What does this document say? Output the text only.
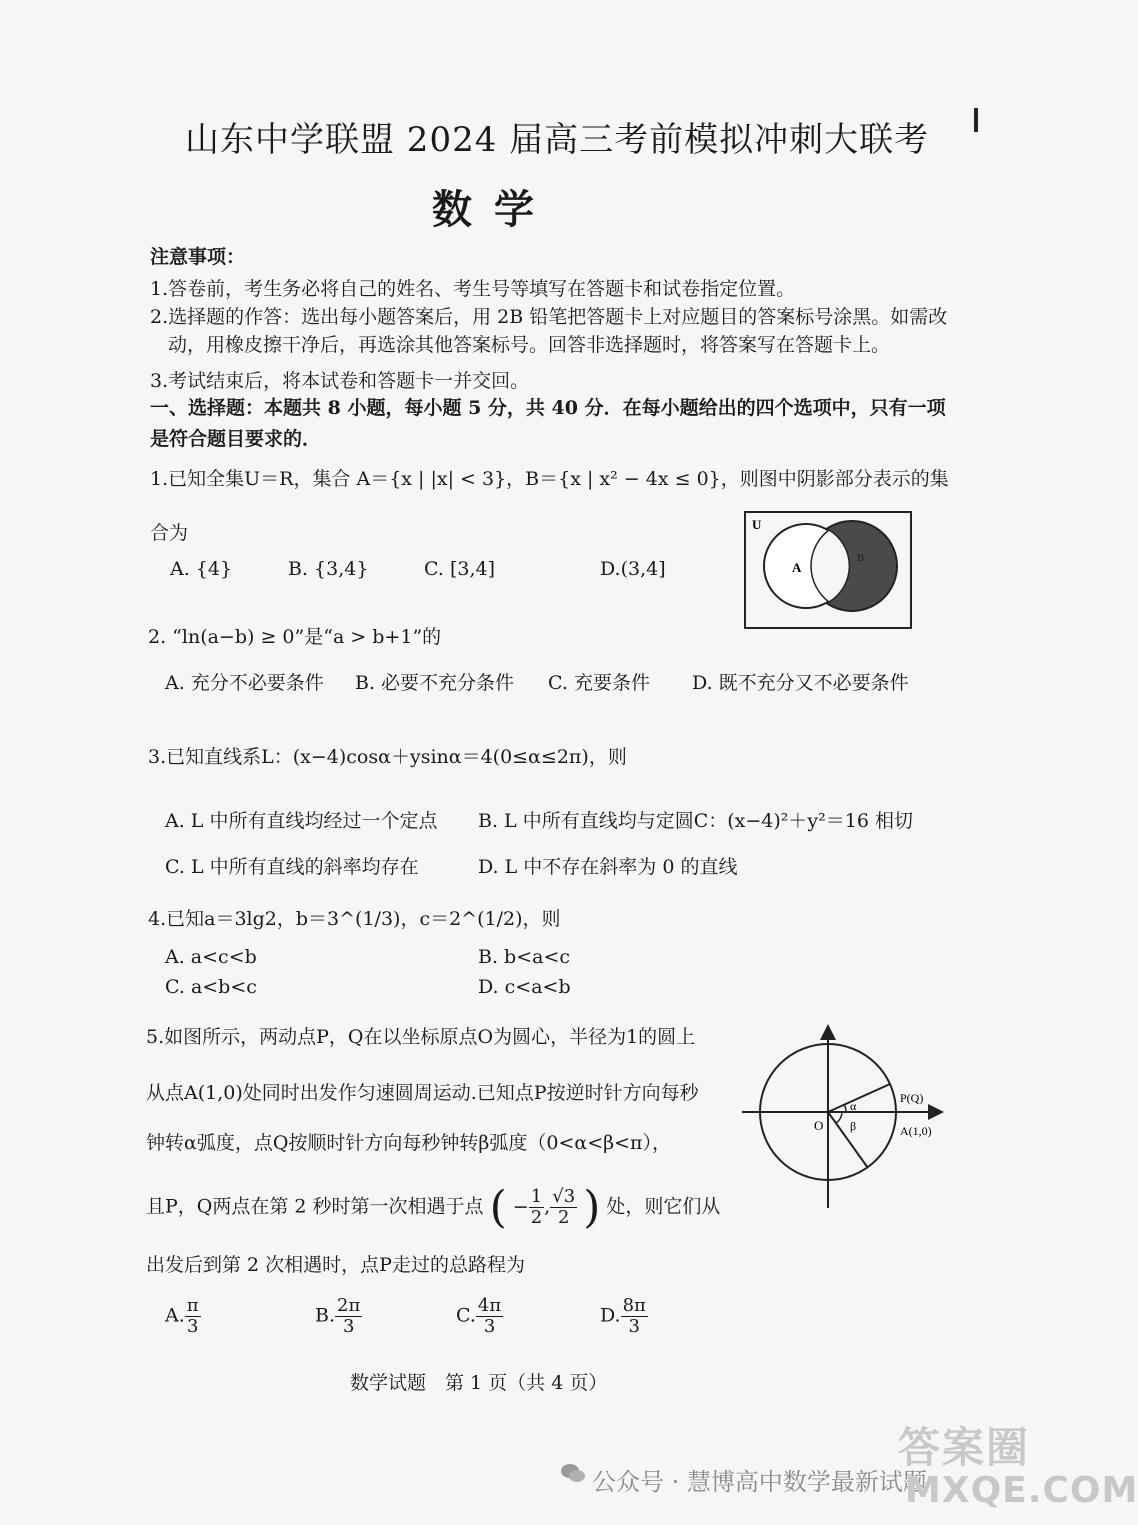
山东中学联盟 2024 届高三考前模拟冲刺大联考
数学
注意事项：
1.答卷前，考生务必将自己的姓名、考生号等填写在答题卡和试卷指定位置。
2.选择题的作答：选出每小题答案后，用 2B 铅笔把答题卡上对应题目的答案标号涂黑。如需改
动，用橡皮擦干净后，再选涂其他答案标号。回答非选择题时，将答案写在答题卡上。
3.考试结束后，将本试卷和答题卡一并交回。
一、选择题：本题共 8 小题，每小题 5 分，共 40 分．在每小题给出的四个选项中，只有一项
是符合题目要求的．
1.已知全集U＝R，集合 A＝{x | |x| < 3}，B＝{x | x² − 4x ≤ 0}，则图中阴影部分表示的集
合为
A. {4}	B. {3,4}	C. [3,4]	D.(3,4]
U
A
B
2. “ln(a−b) ≥ 0”是“a > b+1”的
A. 充分不必要条件 B. 必要不充分条件 C. 充要条件 D. 既不充分又不必要条件
3.已知直线系L：(x−4)cosα＋ysinα＝4(0≤α≤2π)，则
A. L 中所有直线均经过一个定点 B. L 中所有直线均与定圆C：(x−4)²＋y²＝16 相切
C. L 中所有直线的斜率均存在	D. L 中不存在斜率为 0 的直线
4.已知a＝3lg2，b＝3^(1/3)，c＝2^(1/2)，则
A. a<c<b	B. b<a<c
C. a<b<c	D. c<a<b
5.如图所示，两动点P，Q在以坐标原点O为圆心，半径为1的圆上
从点A(1,0)处同时出发作匀速圆周运动.已知点P按逆时针方向每秒
钟转α弧度，点Q按顺时针方向每秒钟转β弧度（0<α<β<π），
且P，Q两点在第 2 秒时第一次相遇于点 ( − $\frac{1}{2}$ , $\frac{√3}{2}$ ) 处，则它们从
出发后到第 2 次相遇时，点P走过的总路程为
A. $\frac{\pi}{3}$	B. $\frac{2\pi}{3}$	C. $\frac{4\pi}{3}$	D. $\frac{8\pi}{3}$
α
β
O
P(Q)
A(1,0)
数学试题　第 1 页（共 4 页）
公众号 · 慧博高中数学最新试题
答案圈
MXQE.COM
